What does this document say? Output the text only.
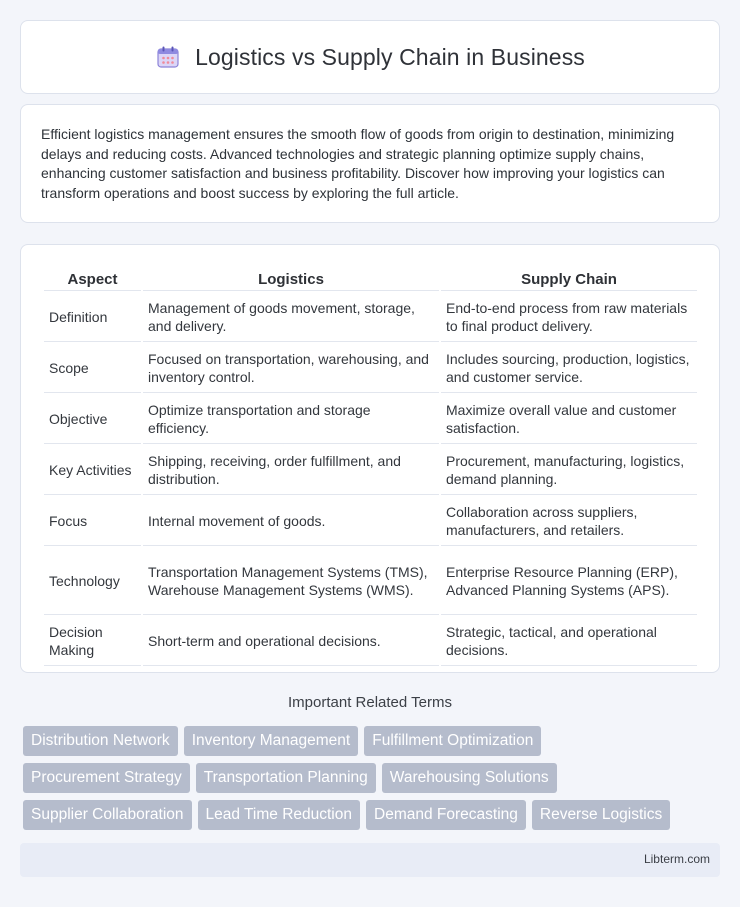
Logistics vs Supply Chain in Business

Efficient logistics management ensures the smooth flow of goods from origin to destination, minimizing delays and reducing costs. Advanced technologies and strategic planning optimize supply chains, enhancing customer satisfaction and business profitability. Discover how improving your logistics can transform operations and boost success by exploring the full article.

Aspect	Logistics	Supply Chain
Definition	Management of goods movement, storage, and delivery.	End-to-end process from raw materials to final product delivery.
Scope	Focused on transportation, warehousing, and inventory control.	Includes sourcing, production, logistics, and customer service.
Objective	Optimize transportation and storage efficiency.	Maximize overall value and customer satisfaction.
Key Activities	Shipping, receiving, order fulfillment, and distribution.	Procurement, manufacturing, logistics, demand planning.
Focus	Internal movement of goods.	Collaboration across suppliers, manufacturers, and retailers.
Technology	Transportation Management Systems (TMS), Warehouse Management Systems (WMS).	Enterprise Resource Planning (ERP), Advanced Planning Systems (APS).
Decision Making	Short-term and operational decisions.	Strategic, tactical, and operational decisions.
Important Related Terms
Distribution Network	Inventory Management	Fulfillment Optimization
Procurement Strategy	Transportation Planning	Warehousing Solutions
Supplier Collaboration	Lead Time Reduction	Demand Forecasting	Reverse Logistics
Libterm.com
